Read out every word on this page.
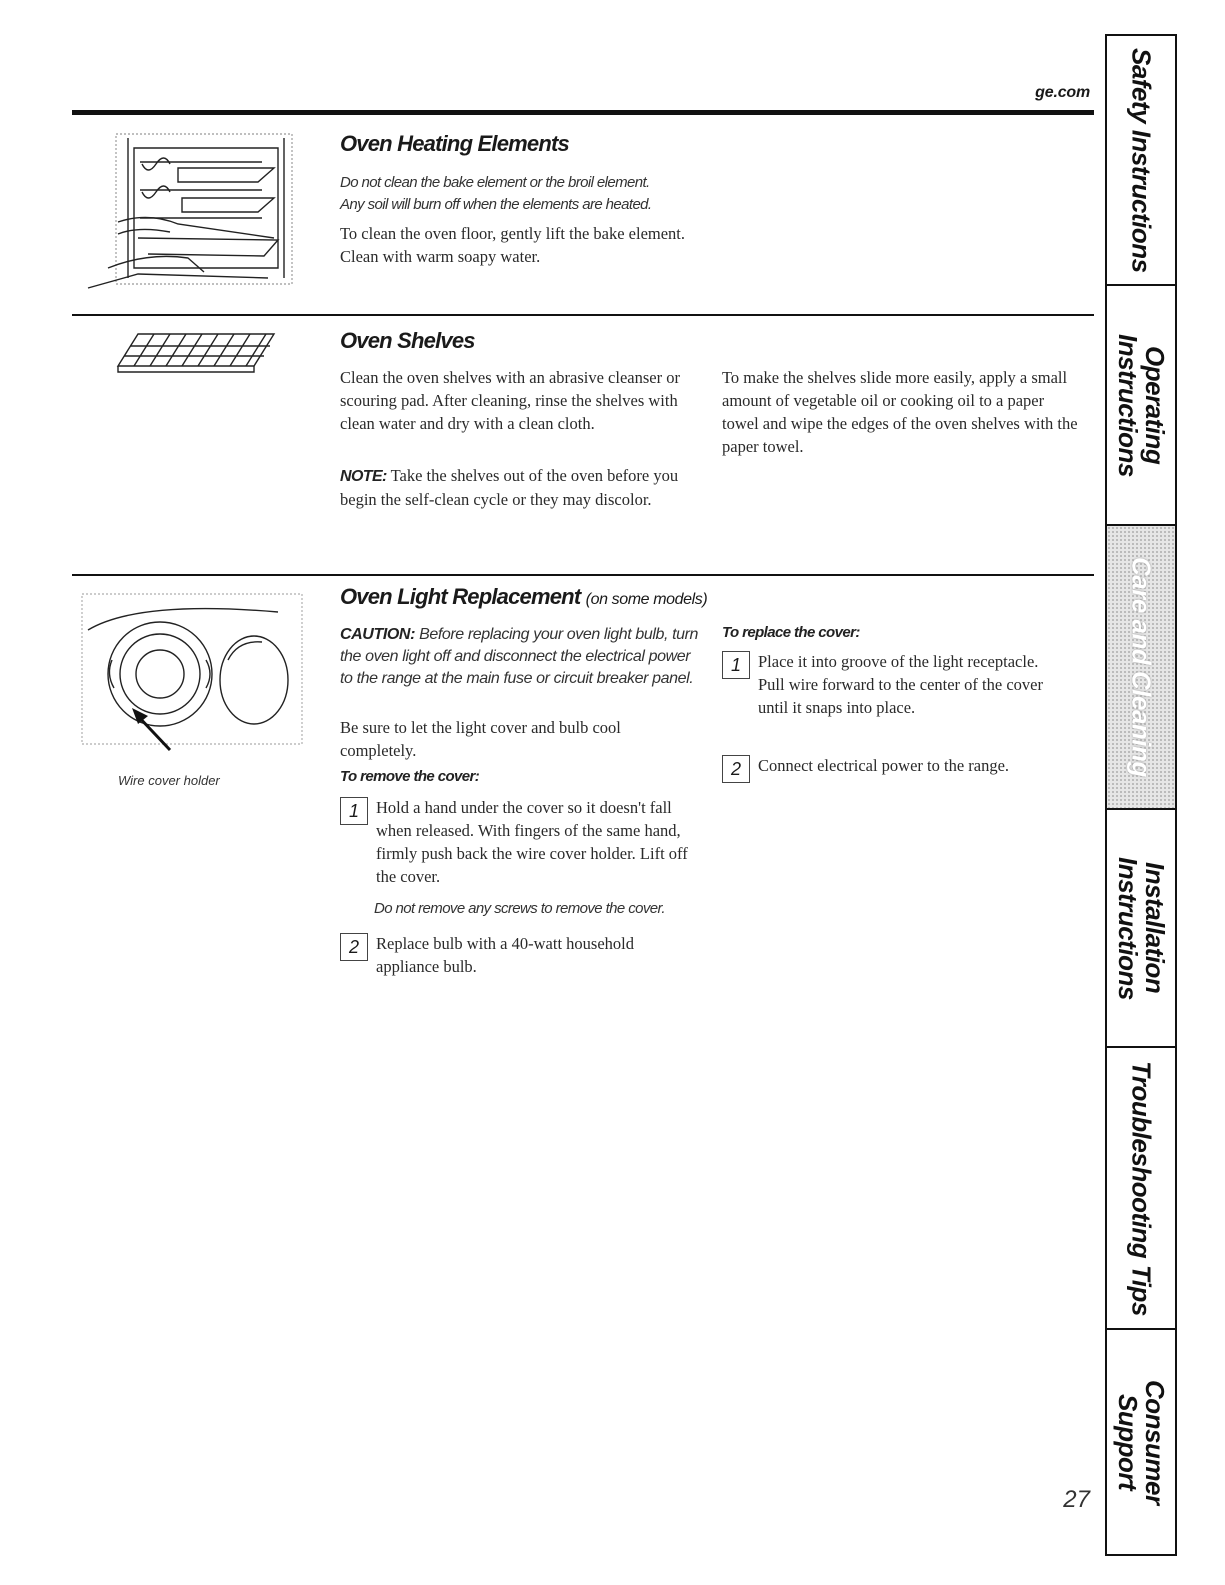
ge.com
Oven Heating Elements
Do not clean the bake element or the broil element.
Any soil will burn off when the elements are heated.

To clean the oven floor, gently lift the bake element. Clean with warm soapy water.

Oven Shelves

Clean the oven shelves with an abrasive cleanser or scouring pad. After cleaning, rinse the shelves with clean water and dry with a clean cloth.

NOTE: Take the shelves out of the oven before you begin the self-clean cycle or they may discolor.

To make the shelves slide more easily, apply a small amount of vegetable oil or cooking oil to a paper towel and wipe the edges of the oven shelves with the paper towel.

Wire cover holder
Oven Light Replacement (on some models)

CAUTION: Before replacing your oven light bulb, turn the oven light off and disconnect the electrical power to the range at the main fuse or circuit breaker panel.

Be sure to let the light cover and bulb cool completely.

To remove the cover:
1	Hold a hand under the cover so it doesn't fall when released. With fingers of the same hand, firmly push back the wire cover holder. Lift off the cover.

Do not remove any screws to remove the cover.
2	Replace bulb with a 40-watt household appliance bulb.

To replace the cover:
1	Place it into groove of the light receptacle. Pull wire forward to the center of the cover until it snaps into place.

2	Connect electrical power to the range.

27
Safety Instructions
Operating
Instructions
Care and Cleaning
Installation
Instructions
Troubleshooting Tips
Consumer Support
